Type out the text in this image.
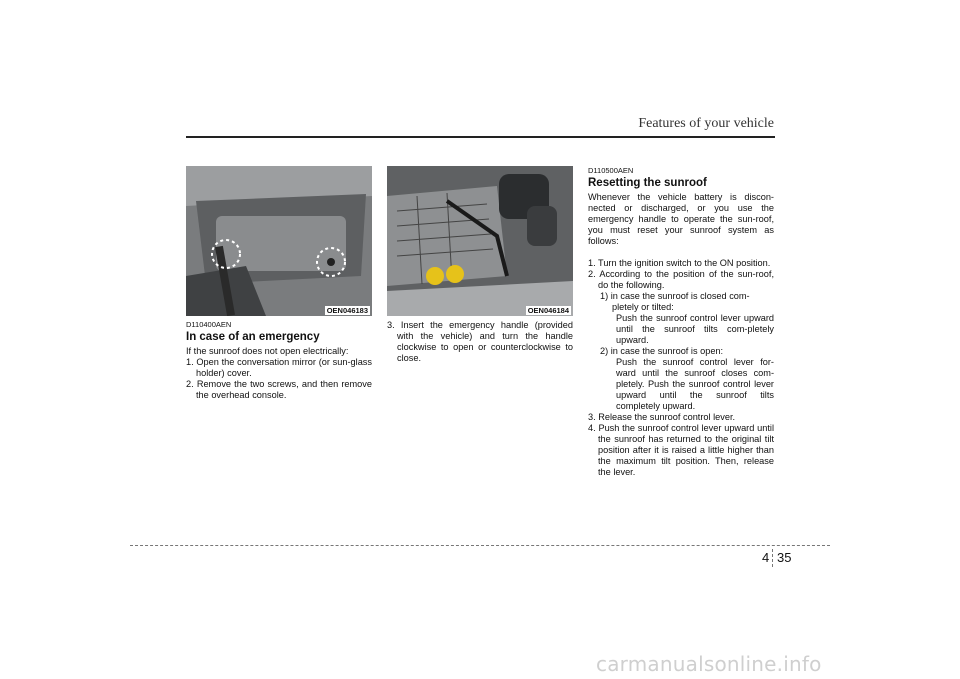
Features of your vehicle
OEN046183
D110400AEN
In case of an emergency
If the sunroof does not open electrically:
1. Open the conversation mirror (or sun-glass holder) cover.
2. Remove the two screws, and then remove the overhead console.
OEN046184
3. Insert the emergency handle (provided with the vehicle) and turn the handle clockwise to open or counterclockwise to close.
D110500AEN
Resetting the sunroof
Whenever the vehicle battery is discon-nected or discharged, or you use the emergency handle to operate the sun-roof, you must reset your sunroof system as follows:
1. Turn the ignition switch to the ON position.
2. According to the position of the sun-roof, do the following.
1) in case the sunroof is closed com-pletely or tilted:
Push the sunroof control lever upward until the sunroof tilts com-pletely upward.
2) in case the sunroof is open:
Push the sunroof control lever for-ward until the sunroof closes com-pletely. Push the sunroof control lever upward until the sunroof tilts completely upward.
3. Release the sunroof control lever.
4. Push the sunroof control lever upward until the sunroof has returned to the original tilt position after it is raised a little higher than the maximum tilt position. Then, release the lever.
4 35
carmanualsonline.info
